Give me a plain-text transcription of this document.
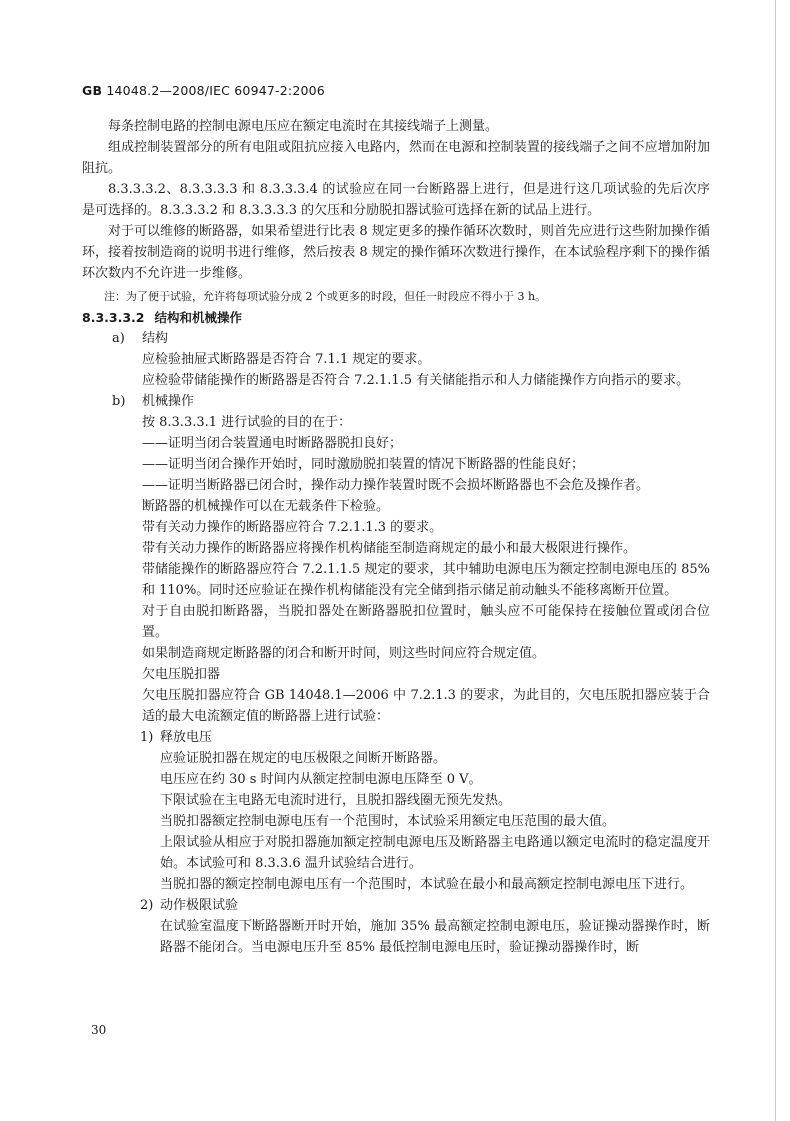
GB 14048.2—2008/IEC 60947-2:2006
每条控制电路的控制电源电压应在额定电流时在其接线端子上测量。
组成控制装置部分的所有电阻或阻抗应接入电路内，然而在电源和控制装置的接线端子之间不应增加附加阻抗。
8.3.3.3.2、8.3.3.3.3 和 8.3.3.3.4 的试验应在同一台断路器上进行，但是进行这几项试验的先后次序是可选择的。8.3.3.3.2 和 8.3.3.3.3 的欠压和分励脱扣器试验可选择在新的试品上进行。
对于可以维修的断路器，如果希望进行比表 8 规定更多的操作循环次数时，则首先应进行这些附加操作循环，接着按制造商的说明书进行维修，然后按表 8 规定的操作循环次数进行操作，在本试验程序剩下的操作循环次数内不允许进一步维修。
注：为了便于试验，允许将每项试验分成 2 个或更多的时段，但任一时段应不得小于 3 h。
8.3.3.3.2 结构和机械操作
a) 结构
应检验抽屉式断路器是否符合 7.1.1 规定的要求。
应检验带储能操作的断路器是否符合 7.2.1.1.5 有关储能指示和人力储能操作方向指示的要求。
b) 机械操作
按 8.3.3.3.1 进行试验的目的在于：
——证明当闭合装置通电时断路器脱扣良好；
——证明当闭合操作开始时，同时激励脱扣装置的情况下断路器的性能良好；
——证明当断路器已闭合时，操作动力操作装置时既不会损坏断路器也不会危及操作者。
断路器的机械操作可以在无载条件下检验。
带有关动力操作的断路器应符合 7.2.1.1.3 的要求。
带有关动力操作的断路器应将操作机构储能至制造商规定的最小和最大极限进行操作。
带储能操作的断路器应符合 7.2.1.1.5 规定的要求，其中辅助电源电压为额定控制电源电压的 85% 和 110%。同时还应验证在操作机构储能没有完全储到指示储足前动触头不能移离断开位置。
对于自由脱扣断路器，当脱扣器处在断路器脱扣位置时，触头应不可能保持在接触位置或闭合位置。
如果制造商规定断路器的闭合和断开时间，则这些时间应符合规定值。
欠电压脱扣器
欠电压脱扣器应符合 GB 14048.1—2006 中 7.2.1.3 的要求，为此目的，欠电压脱扣器应装于合适的最大电流额定值的断路器上进行试验：
1) 释放电压
应验证脱扣器在规定的电压极限之间断开断路器。
电压应在约 30 s 时间内从额定控制电源电压降至 0 V。
下限试验在主电路无电流时进行，且脱扣器线圈无预先发热。
当脱扣器额定控制电源电压有一个范围时，本试验采用额定电压范围的最大值。
上限试验从相应于对脱扣器施加额定控制电源电压及断路器主电路通以额定电流时的稳定温度开始。本试验可和 8.3.3.6 温升试验结合进行。
当脱扣器的额定控制电源电压有一个范围时，本试验在最小和最高额定控制电源电压下进行。
2) 动作极限试验
在试验室温度下断路器断开时开始，施加 35% 最高额定控制电源电压，验证操动器操作时，断路器不能闭合。当电源电压升至 85% 最低控制电源电压时，验证操动器操作时，断
30
